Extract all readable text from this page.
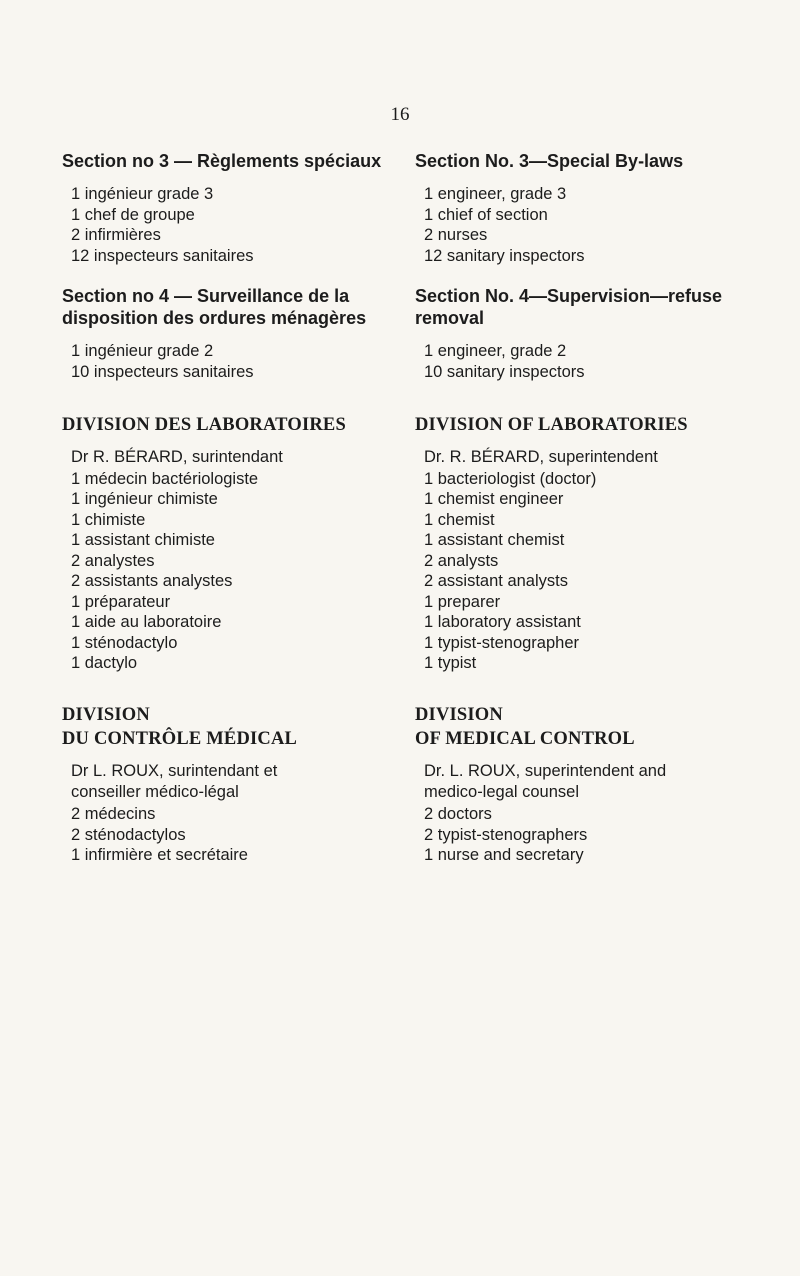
16
Section no 3 — Règlements spéciaux
1 ingénieur grade 3
1 chef de groupe
2 infirmières
12 inspecteurs sanitaires
Section no 4 — Surveillance de la
disposition des ordures ménagères
1 ingénieur grade 2
10 inspecteurs sanitaires
DIVISION DES LABORATOIRES
Dr R. BÉRARD, surintendant
1 médecin bactériologiste
1 ingénieur chimiste
1 chimiste
1 assistant chimiste
2 analystes
2 assistants analystes
1 préparateur
1 aide au laboratoire
1 sténodactylo
1 dactylo
DIVISION
DU CONTRÔLE MÉDICAL
Dr L. ROUX, surintendant et
conseiller médico-légal
2 médecins
2 sténodactylos
1 infirmière et secrétaire
Section No. 3—Special By-laws
1 engineer, grade 3
1 chief of section
2 nurses
12 sanitary inspectors
Section No. 4—Supervision—refuse
removal
1 engineer, grade 2
10 sanitary inspectors
DIVISION OF LABORATORIES
Dr. R. BÉRARD, superintendent
1 bacteriologist (doctor)
1 chemist engineer
1 chemist
1 assistant chemist
2 analysts
2 assistant analysts
1 preparer
1 laboratory assistant
1 typist-stenographer
1 typist
DIVISION
OF MEDICAL CONTROL
Dr. L. ROUX, superintendent and
medico-legal counsel
2 doctors
2 typist-stenographers
1 nurse and secretary
